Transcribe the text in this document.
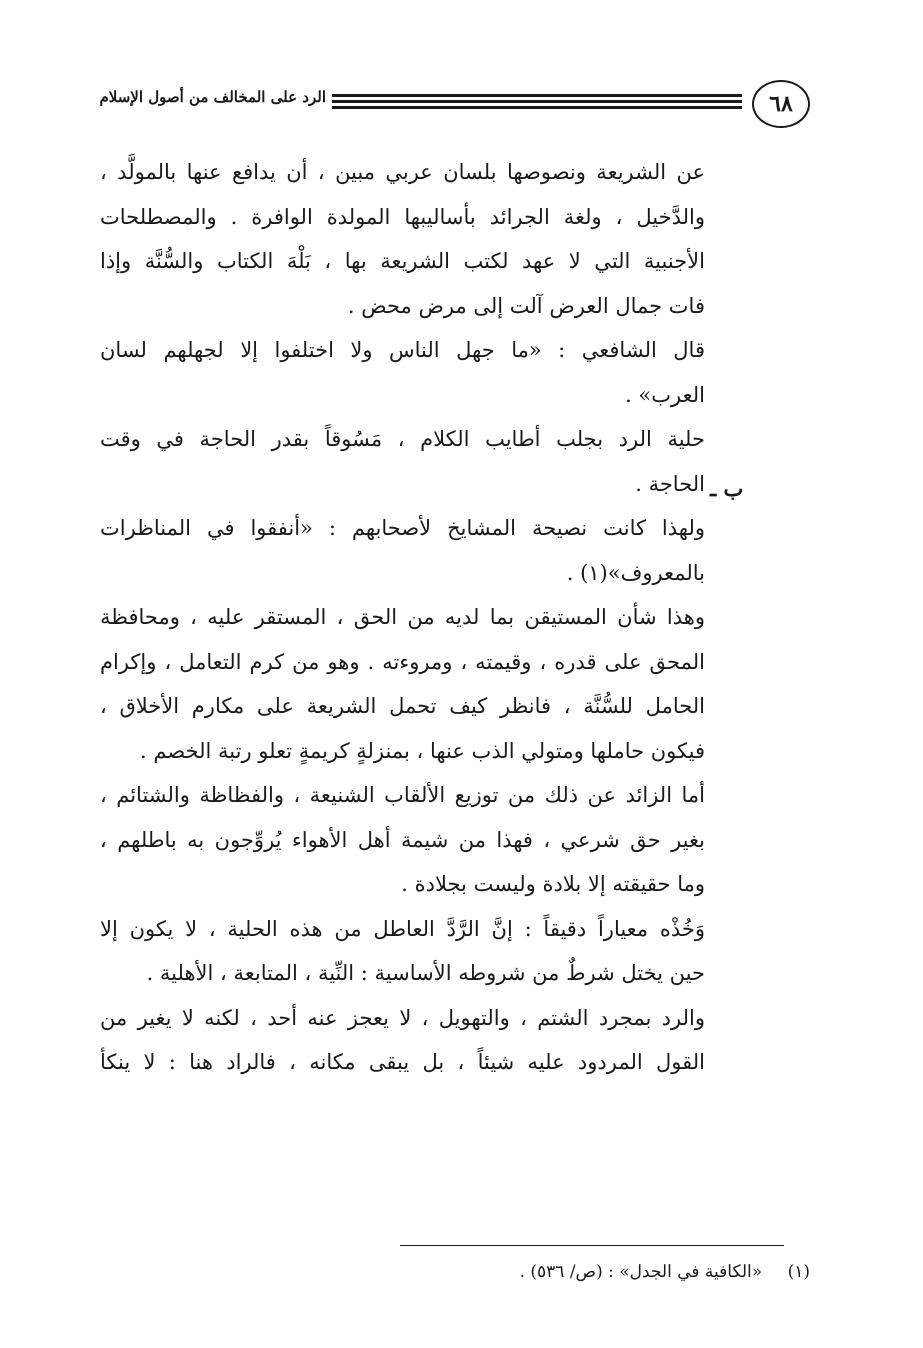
٦٨
الرد على المخالف من أصول الإسلام
ب ـ
عن الشريعة ونصوصها بلسان عربي مبين ، أن يدافع عنها بالمولَّد ،
والدَّخيل ، ولغة الجرائد بأساليبها المولدة الوافرة . والمصطلحات
الأجنبية التي لا عهد لكتب الشريعة بها ، بَلْهَ الكتاب والسُّنَّة وإذا
فات جمال العرض آلت إلى مرض محض .
قال الشافعي : «ما جهل الناس ولا اختلفوا إلا لجهلهم لسان
العرب» .
حلية الرد بجلب أطايب الكلام ، مَسُوقاً بقدر الحاجة في وقت
الحاجة .
ولهذا كانت نصيحة المشايخ لأصحابهم : «أنفقوا في المناظرات
بالمعروف»(١) .
وهذا شأن المستيقن بما لديه من الحق ، المستقر عليه ، ومحافظة
المحق على قدره ، وقيمته ، ومروءته . وهو من كرم التعامل ، وإكرام
الحامل للسُّنَّة ، فانظر كيف تحمل الشريعة على مكارم الأخلاق ،
فيكون حاملها ومتولي الذب عنها ، بمنزلةٍ كريمةٍ تعلو رتبة الخصم .
أما الزائد عن ذلك من توزيع الألقاب الشنيعة ، والفظاظة والشتائم ،
بغير حق شرعي ، فهذا من شيمة أهل الأهواء يُروِّجون به باطلهم ،
وما حقيقته إلا بلادة وليست بجلادة .
وَخُذْه معياراً دقيقاً : إنَّ الرَّدَّ العاطل من هذه الحلية ، لا يكون إلا
حين يختل شرطٌ من شروطه الأساسية : النِّية ، المتابعة ، الأهلية .
والرد بمجرد الشتم ، والتهويل ، لا يعجز عنه أحد ، لكنه لا يغير من
القول المردود عليه شيئاً ، بل يبقى مكانه ، فالراد هنا : لا ينكأ
(١) «الكافية في الجدل» : (ص/ ٥٣٦) .
